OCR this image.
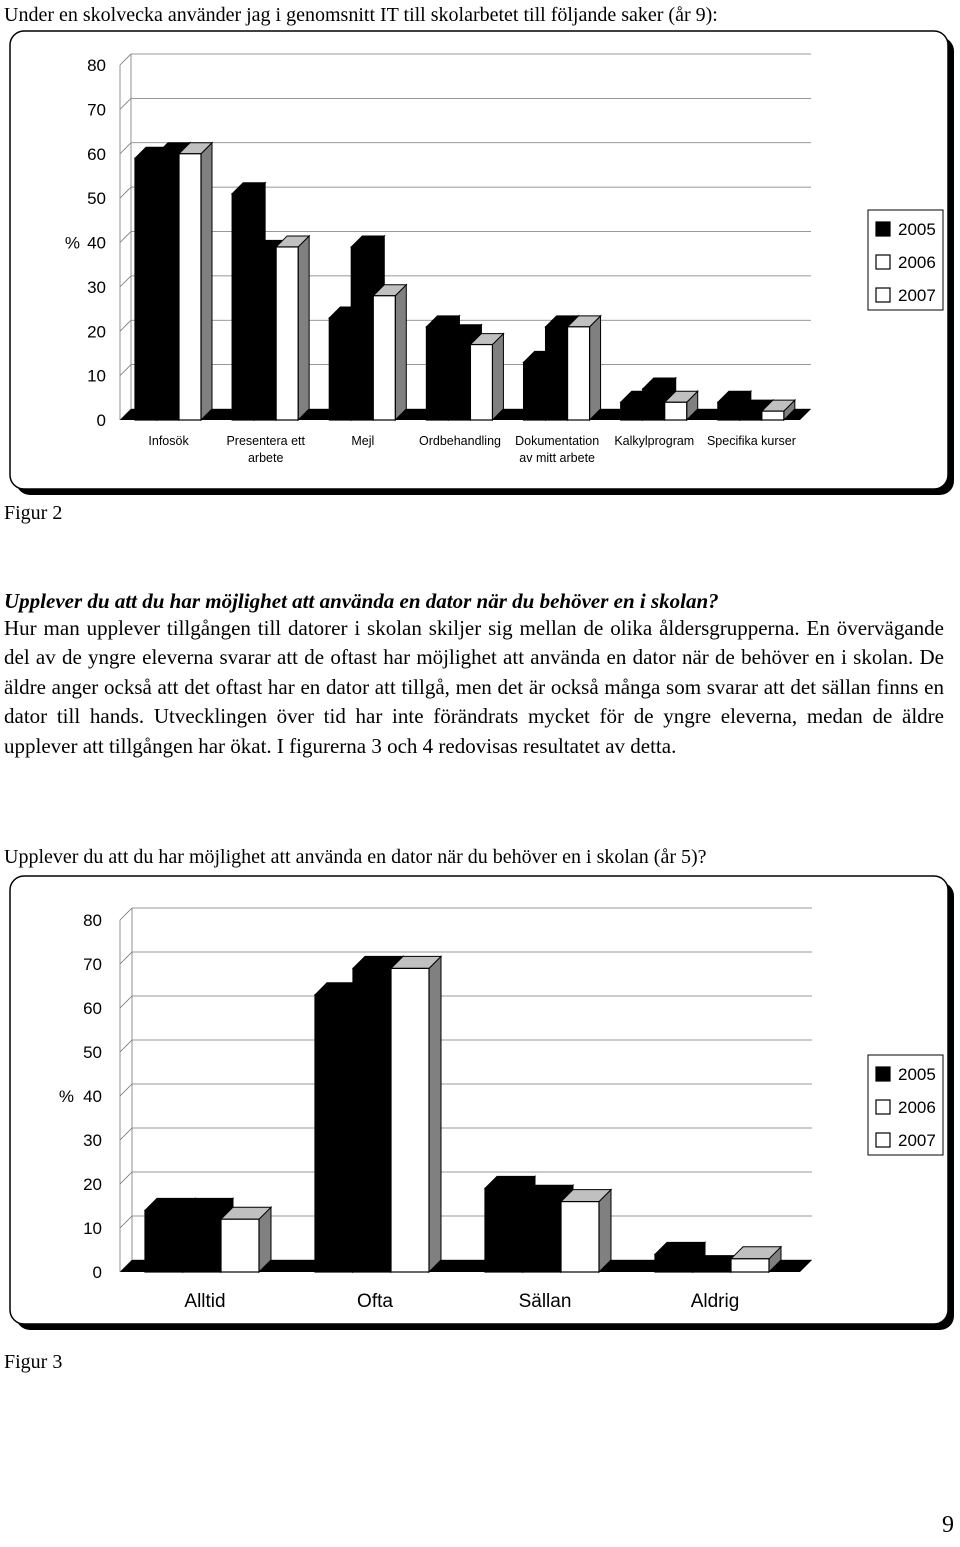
Under en skolvecka använder jag i genomsnitt IT till skolarbetet till följande saker (år 9):
0
10
20
30
40
50
60
70
80
%
Infosök	Presentera ett
arbete
Mejl	Ordbehandling Dokumentation
av mitt arbete
Kalkylprogram Specifika kurser
2005
2006
2007
Figur 2
Upplever du att du har möjlighet att använda en dator när du behöver en i skolan?
Hur man upplever tillgången till datorer i skolan skiljer sig mellan de olika åldersgrupperna. En övervägande del av de yngre eleverna svarar att de oftast har möjlighet att använda en dator när de behöver en i skolan. De äldre anger också att det oftast har en dator att tillgå, men det är också många som svarar att det sällan finns en dator till hands. Utvecklingen över tid har inte förändrats mycket för de yngre eleverna, medan de äldre upplever att tillgången har ökat. I figurerna 3 och 4 redovisas resultatet av detta.
Upplever du att du har möjlighet att använda en dator när du behöver en i skolan (år 5)?
0
10
20
30
40
50
60
70
80
%
Alltid	Ofta	Sällan	Aldrig
2005
2006
2007
Figur 3
9
